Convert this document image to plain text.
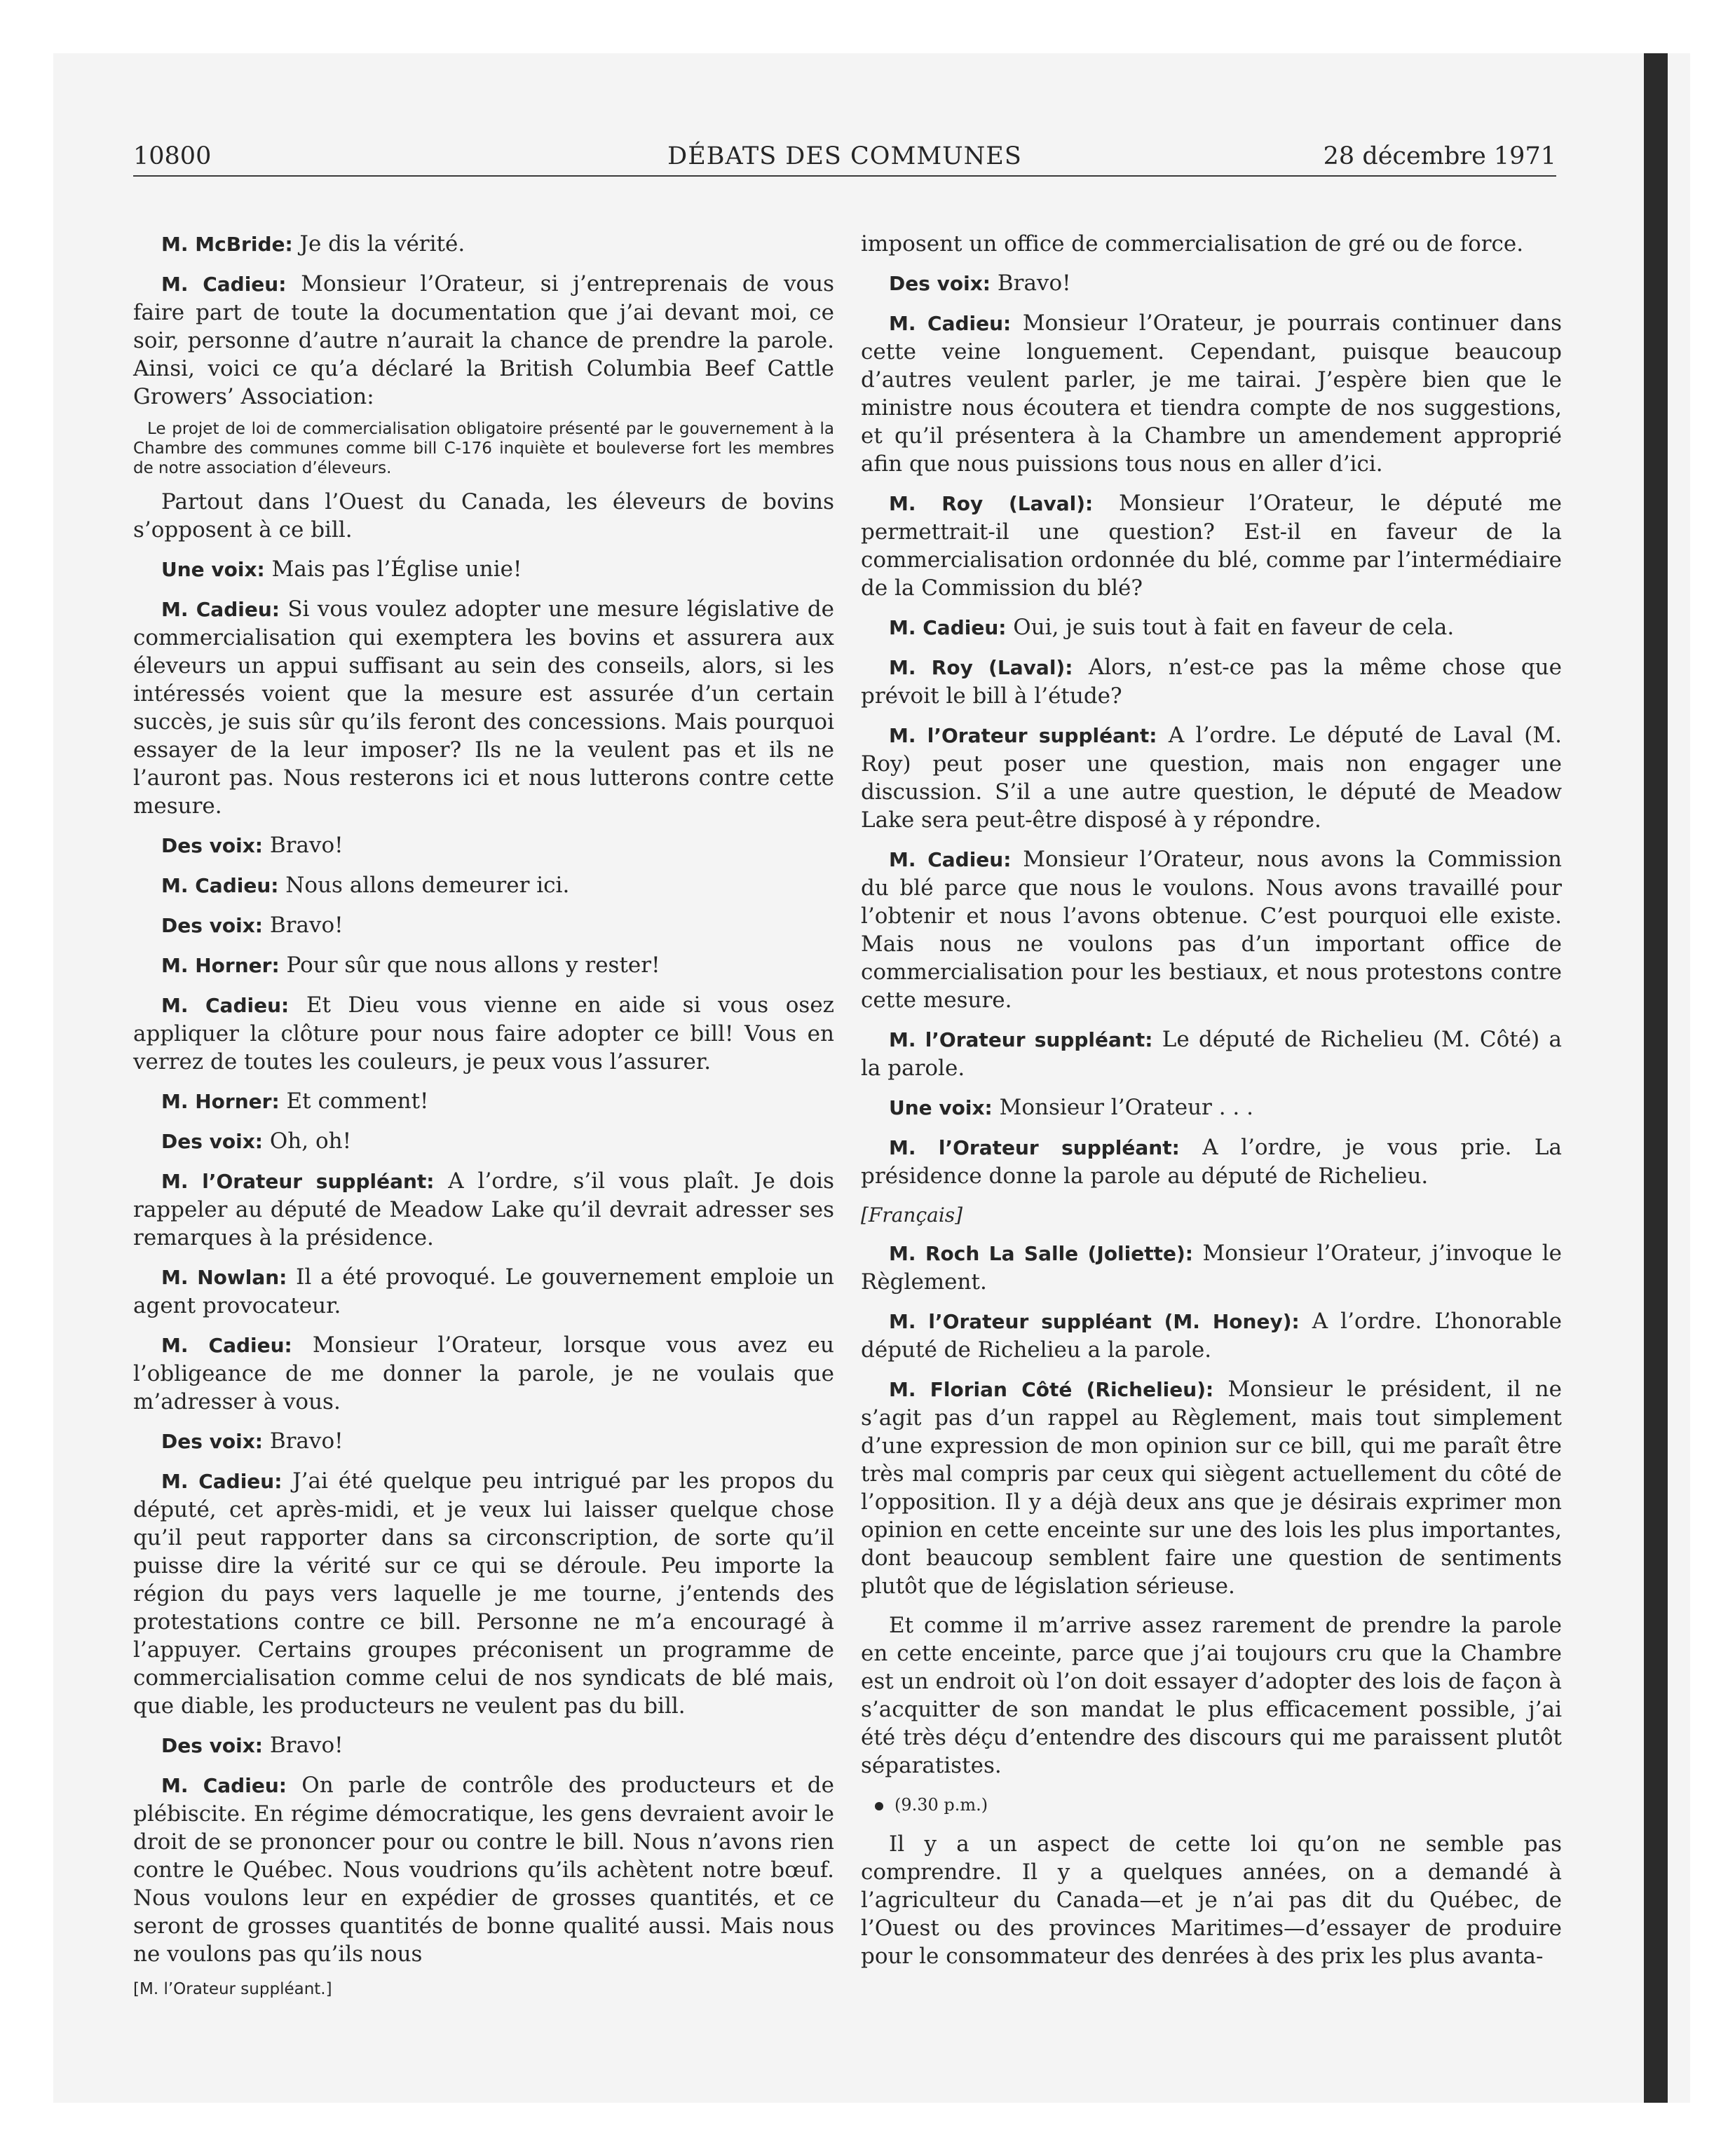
10800	DÉBATS DES COMMUNES	28 décembre 1971

M. McBride: Je dis la vérité.

M. Cadieu: Monsieur l’Orateur, si j’entreprenais de vous faire part de toute la documentation que j’ai devant moi, ce soir, personne d’autre n’aurait la chance de prendre la parole. Ainsi, voici ce qu’a déclaré la British Columbia Beef Cattle Growers’ Association:

Le projet de loi de commercialisation obligatoire présenté par le gouvernement à la Chambre des communes comme bill C-176 inquiète et bouleverse fort les membres de notre association d’éleveurs.

Partout dans l’Ouest du Canada, les éleveurs de bovins s’opposent à ce bill.

Une voix: Mais pas l’Église unie!

M. Cadieu: Si vous voulez adopter une mesure législative de commercialisation qui exemptera les bovins et assurera aux éleveurs un appui suffisant au sein des conseils, alors, si les intéressés voient que la mesure est assurée d’un certain succès, je suis sûr qu’ils feront des concessions. Mais pourquoi essayer de la leur imposer? Ils ne la veulent pas et ils ne l’auront pas. Nous resterons ici et nous lutterons contre cette mesure.

Des voix: Bravo!

M. Cadieu: Nous allons demeurer ici.

Des voix: Bravo!

M. Horner: Pour sûr que nous allons y rester!

M. Cadieu: Et Dieu vous vienne en aide si vous osez appliquer la clôture pour nous faire adopter ce bill! Vous en verrez de toutes les couleurs, je peux vous l’assurer.

M. Horner: Et comment!

Des voix: Oh, oh!

M. l’Orateur suppléant: A l’ordre, s’il vous plaît. Je dois rappeler au député de Meadow Lake qu’il devrait adresser ses remarques à la présidence.

M. Nowlan: Il a été provoqué. Le gouvernement emploie un agent provocateur.

M. Cadieu: Monsieur l’Orateur, lorsque vous avez eu l’obligeance de me donner la parole, je ne voulais que m’adresser à vous.

Des voix: Bravo!

M. Cadieu: J’ai été quelque peu intrigué par les propos du député, cet après-midi, et je veux lui laisser quelque chose qu’il peut rapporter dans sa circonscription, de sorte qu’il puisse dire la vérité sur ce qui se déroule. Peu importe la région du pays vers laquelle je me tourne, j’entends des protestations contre ce bill. Personne ne m’a encouragé à l’appuyer. Certains groupes préconisent un programme de commercialisation comme celui de nos syndicats de blé mais, que diable, les producteurs ne veulent pas du bill.

Des voix: Bravo!

M. Cadieu: On parle de contrôle des producteurs et de plébiscite. En régime démocratique, les gens devraient avoir le droit de se prononcer pour ou contre le bill. Nous n’avons rien contre le Québec. Nous voudrions qu’ils achètent notre bœuf. Nous voulons leur en expédier de grosses quantités, et ce seront de grosses quantités de bonne qualité aussi. Mais nous ne voulons pas qu’ils nous

[M. l’Orateur suppléant.]

imposent un office de commercialisation de gré ou de force.

Des voix: Bravo!

M. Cadieu: Monsieur l’Orateur, je pourrais continuer dans cette veine longuement. Cependant, puisque beaucoup d’autres veulent parler, je me tairai. J’espère bien que le ministre nous écoutera et tiendra compte de nos suggestions, et qu’il présentera à la Chambre un amendement approprié afin que nous puissions tous nous en aller d’ici.

M. Roy (Laval): Monsieur l’Orateur, le député me permettrait-il une question? Est-il en faveur de la commercialisation ordonnée du blé, comme par l’intermédiaire de la Commission du blé?

M. Cadieu: Oui, je suis tout à fait en faveur de cela.

M. Roy (Laval): Alors, n’est-ce pas la même chose que prévoit le bill à l’étude?

M. l’Orateur suppléant: A l’ordre. Le député de Laval (M. Roy) peut poser une question, mais non engager une discussion. S’il a une autre question, le député de Meadow Lake sera peut-être disposé à y répondre.

M. Cadieu: Monsieur l’Orateur, nous avons la Commission du blé parce que nous le voulons. Nous avons travaillé pour l’obtenir et nous l’avons obtenue. C’est pourquoi elle existe. Mais nous ne voulons pas d’un important office de commercialisation pour les bestiaux, et nous protestons contre cette mesure.

M. l’Orateur suppléant: Le député de Richelieu (M. Côté) a la parole.

Une voix: Monsieur l’Orateur . . .

M. l’Orateur suppléant: A l’ordre, je vous prie. La présidence donne la parole au député de Richelieu.

[Français]

M. Roch La Salle (Joliette): Monsieur l’Orateur, j’invoque le Règlement.

M. l’Orateur suppléant (M. Honey): A l’ordre. L’honorable député de Richelieu a la parole.

M. Florian Côté (Richelieu): Monsieur le président, il ne s’agit pas d’un rappel au Règlement, mais tout simplement d’une expression de mon opinion sur ce bill, qui me paraît être très mal compris par ceux qui siègent actuellement du côté de l’opposition. Il y a déjà deux ans que je désirais exprimer mon opinion en cette enceinte sur une des lois les plus importantes, dont beaucoup semblent faire une question de sentiments plutôt que de législation sérieuse.

Et comme il m’arrive assez rarement de prendre la parole en cette enceinte, parce que j’ai toujours cru que la Chambre est un endroit où l’on doit essayer d’adopter des lois de façon à s’acquitter de son mandat le plus efficacement possible, j’ai été très déçu d’entendre des discours qui me paraissent plutôt séparatistes.

(9.30 p.m.)

Il y a un aspect de cette loi qu’on ne semble pas comprendre. Il y a quelques années, on a demandé à l’agriculteur du Canada—et je n’ai pas dit du Québec, de l’Ouest ou des provinces Maritimes—d’essayer de produire pour le consommateur des denrées à des prix les plus avanta-
